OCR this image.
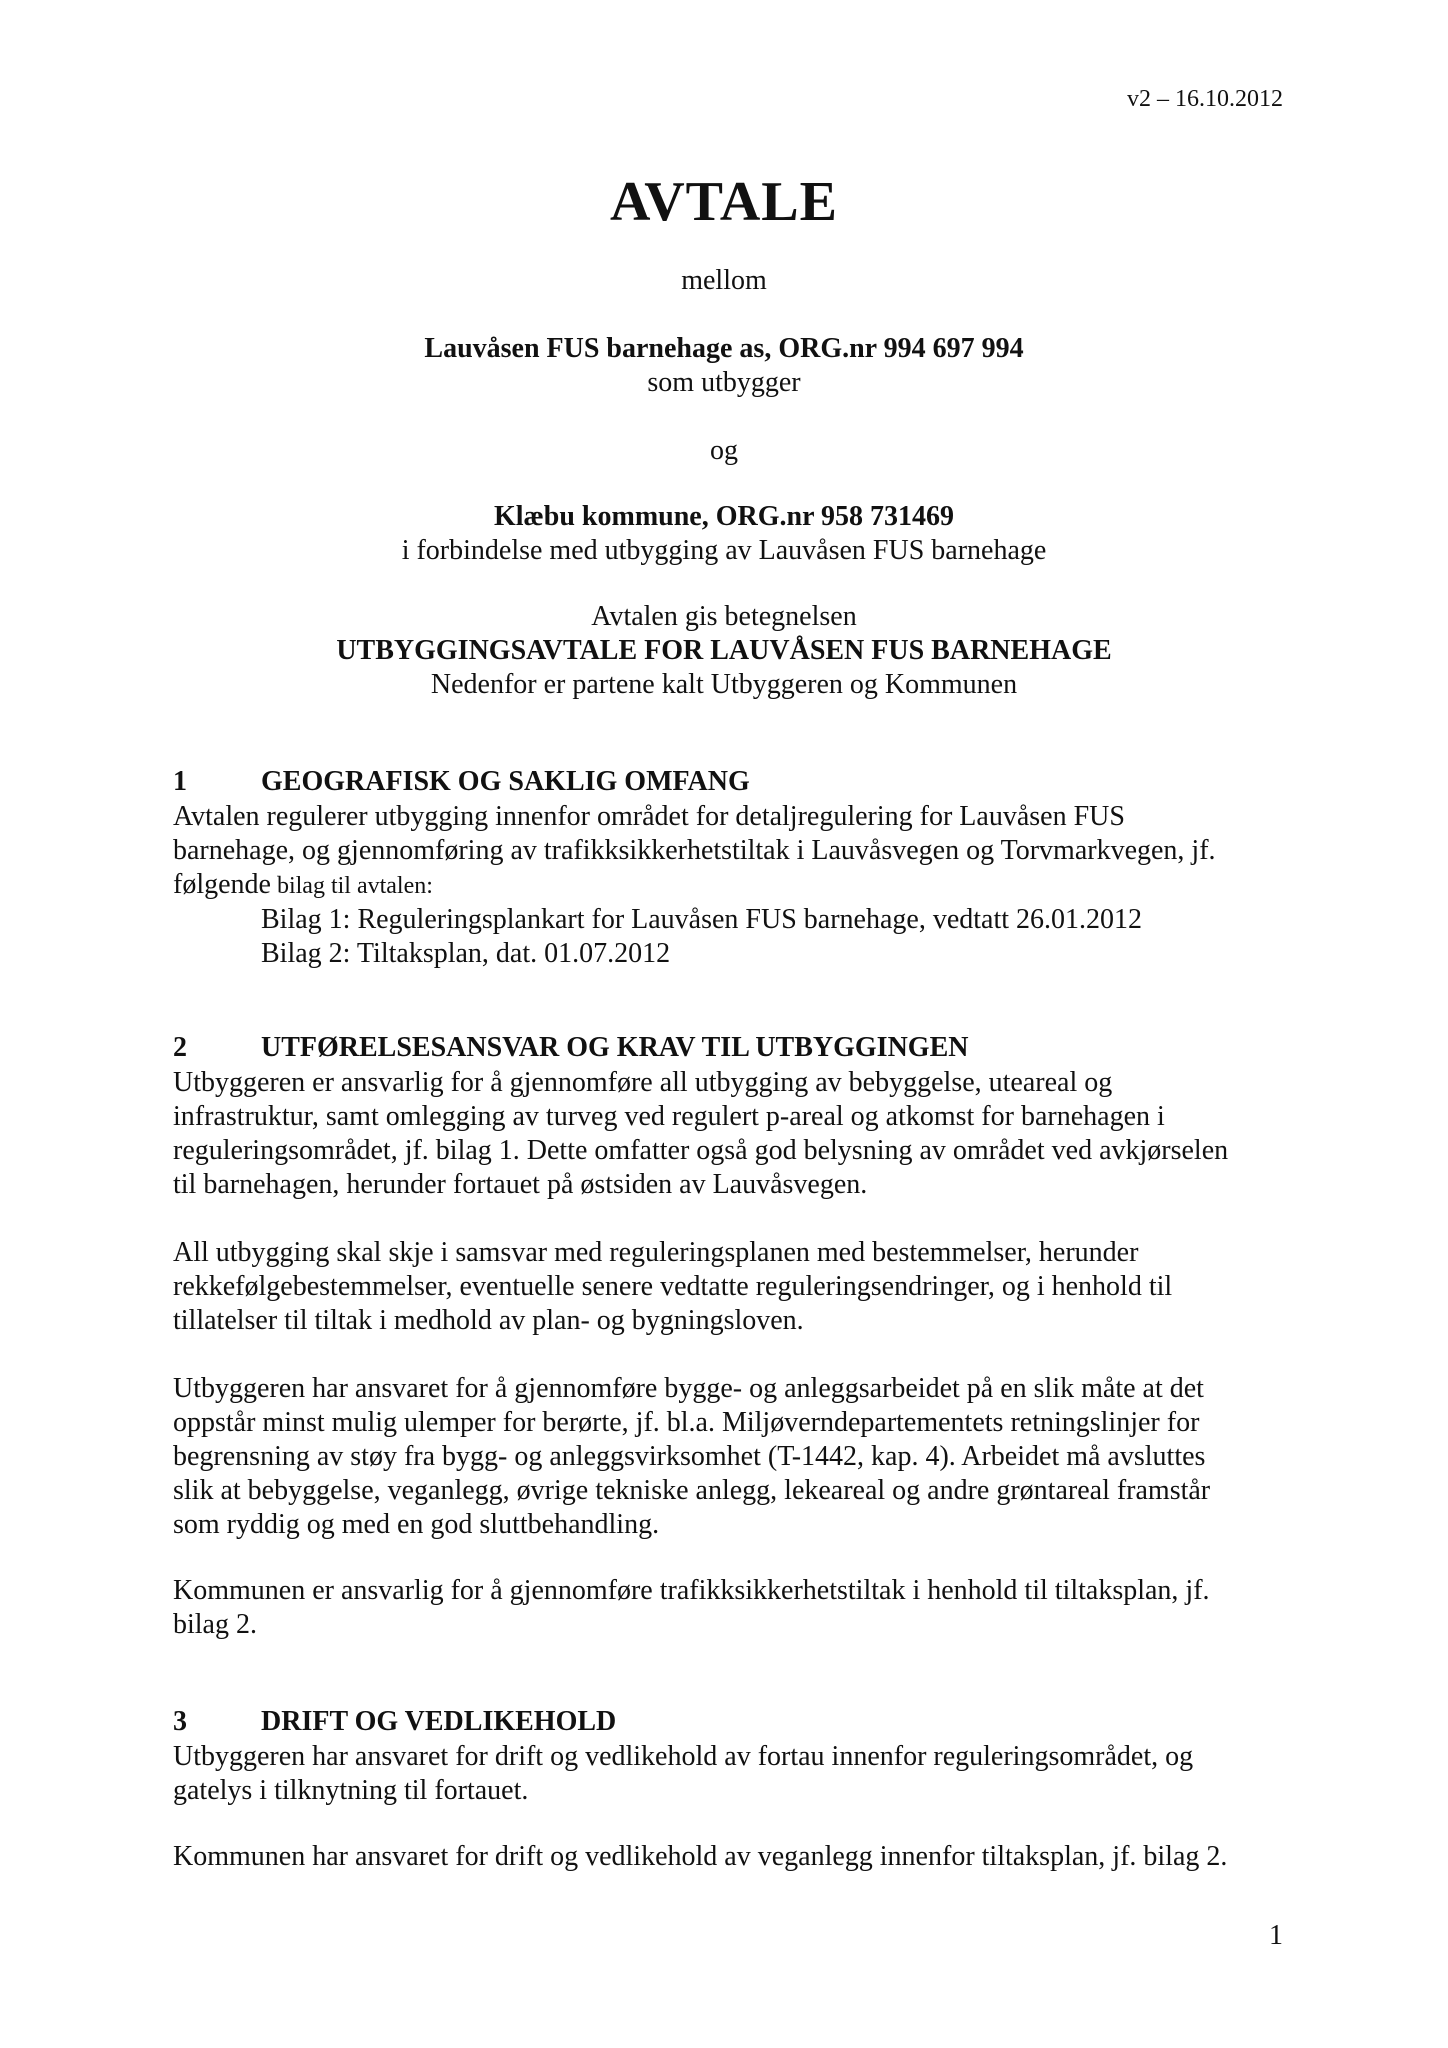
v2 – 16.10.2012
AVTALE
mellom
Lauvåsen FUS barnehage as, ORG.nr 994 697 994
som utbygger
og
Klæbu kommune, ORG.nr 958 731469
i forbindelse med utbygging av Lauvåsen FUS barnehage
Avtalen gis betegnelsen
UTBYGGINGSAVTALE FOR LAUVÅSEN FUS BARNEHAGE
Nedenfor er partene kalt Utbyggeren og Kommunen
1	GEOGRAFISK OG SAKLIG OMFANG

Avtalen regulerer utbygging innenfor området for detaljregulering for Lauvåsen FUS

barnehage, og gjennomføring av trafikksikkerhetstiltak i Lauvåsvegen og Torvmarkvegen, jf.

følgende bilag til avtalen:

Bilag 1: Reguleringsplankart for Lauvåsen FUS barnehage, vedtatt 26.01.2012

Bilag 2: Tiltaksplan, dat. 01.07.2012

2	UTFØRELSESANSVAR OG KRAV TIL UTBYGGINGEN

Utbyggeren er ansvarlig for å gjennomføre all utbygging av bebyggelse, uteareal og

infrastruktur, samt omlegging av turveg ved regulert p-areal og atkomst for barnehagen i

reguleringsområdet, jf. bilag 1. Dette omfatter også god belysning av området ved avkjørselen

til barnehagen, herunder fortauet på østsiden av Lauvåsvegen.

All utbygging skal skje i samsvar med reguleringsplanen med bestemmelser, herunder

rekkefølgebestemmelser, eventuelle senere vedtatte reguleringsendringer, og i henhold til

tillatelser til tiltak i medhold av plan- og bygningsloven.

Utbyggeren har ansvaret for å gjennomføre bygge- og anleggsarbeidet på en slik måte at det

oppstår minst mulig ulemper for berørte, jf. bl.a. Miljøverndepartementets retningslinjer for

begrensning av støy fra bygg- og anleggsvirksomhet (T-1442, kap. 4). Arbeidet må avsluttes

slik at bebyggelse, veganlegg, øvrige tekniske anlegg, lekeareal og andre grøntareal framstår

som ryddig og med en god sluttbehandling.

Kommunen er ansvarlig for å gjennomføre trafikksikkerhetstiltak i henhold til tiltaksplan, jf.

bilag 2.

3	DRIFT OG VEDLIKEHOLD

Utbyggeren har ansvaret for drift og vedlikehold av fortau innenfor reguleringsområdet, og

gatelys i tilknytning til fortauet.

Kommunen har ansvaret for drift og vedlikehold av veganlegg innenfor tiltaksplan, jf. bilag 2.

1
